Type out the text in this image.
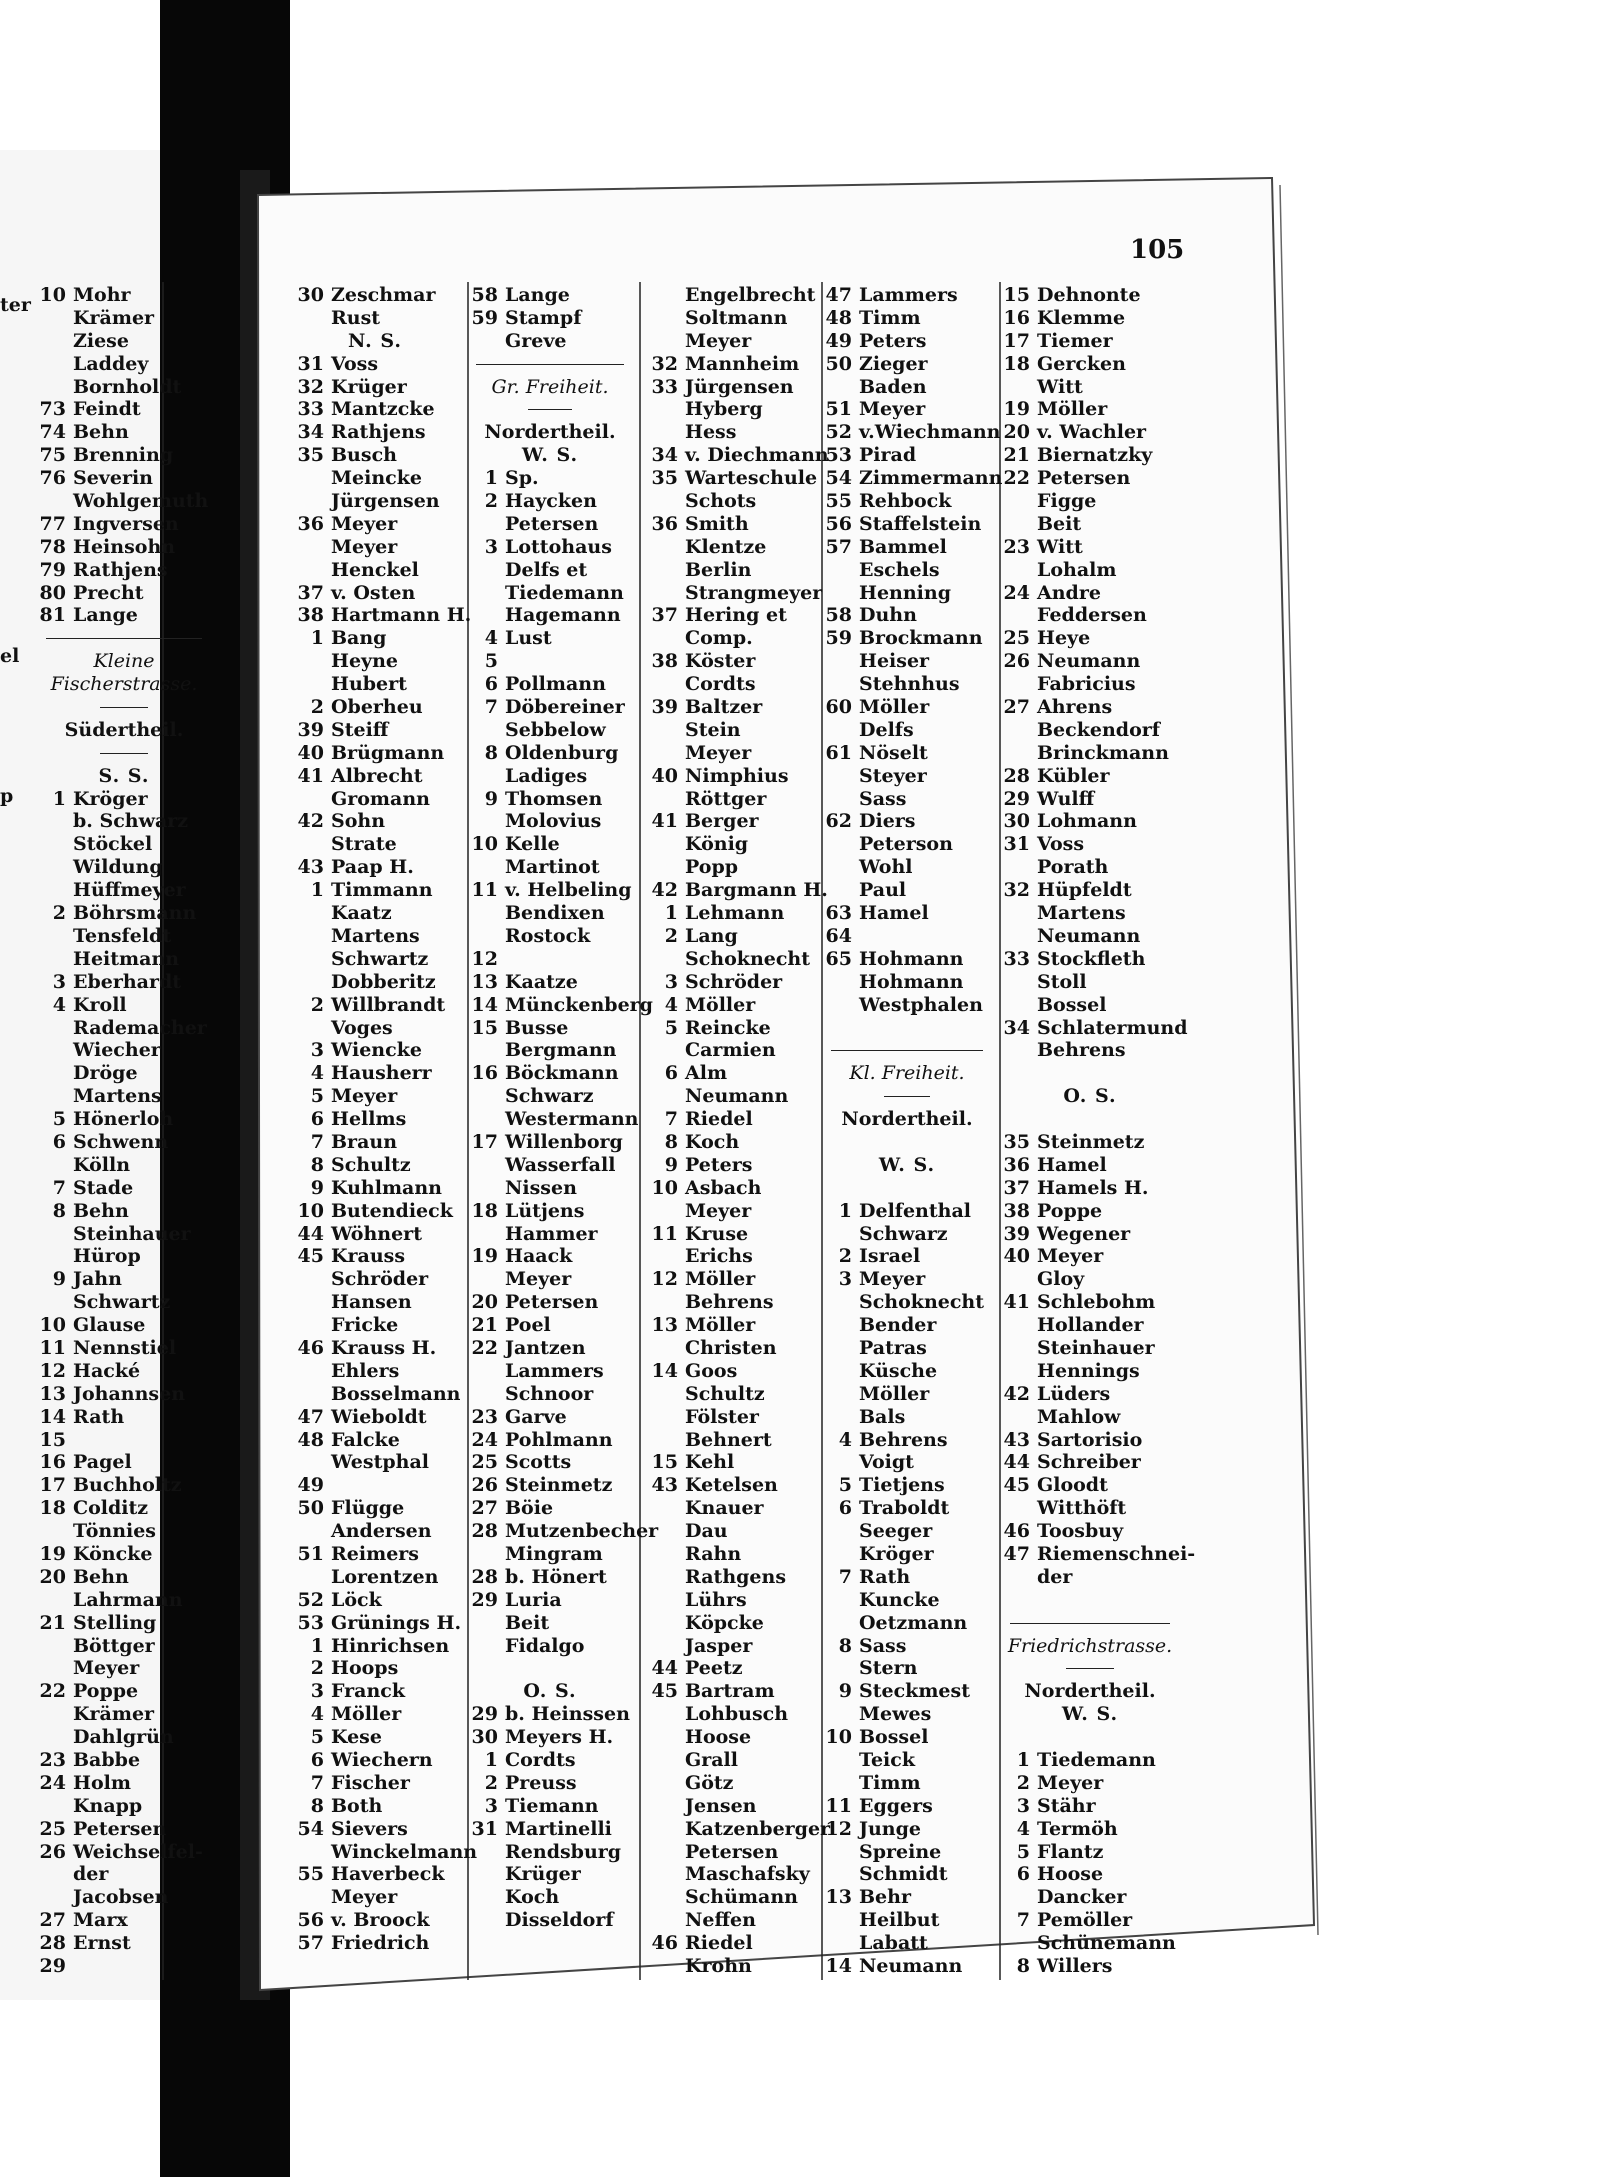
105
ter
el
p
10 Mohr
Krämer
Ziese
Laddey
Bornholdt
73 Feindt
74 Behn
75 Brenning
76 Severin
Wohlgemuth
77 Ingversen
78 Heinsohn
79 Rathjens
80 Precht
81 Lange
Kleine
Fischerstrasse.
Südertheil.
S. S.
1 Kröger
b. Schwarz
Stöckel
Wildung
Hüffmeyer
2 Böhrsmann
Tensfeldt
Heitmann
3 Eberhardt
4 Kroll
Rademacher
Wiecher
Dröge
Martens
5 Hönerloh
6 Schwenn
Kölln
7 Stade
8 Behn
Steinhauer
Hürop
9 Jahn
Schwartz
10 Glause
11 Nennstiel
12 Hacké
13 Johannsen
14 Rath
15
16 Pagel
17 Buchholtz
18 Colditz
Tönnies
19 Köncke
20 Behn
Lahrmann
21 Stelling
Böttger
Meyer
22 Poppe
Krämer
Dahlgrün
23 Babbe
24 Holm
Knapp
25 Petersen
26 Weichselfel-
der
Jacobsen
27 Marx
28 Ernst
29
30 Zeschmar
Rust
N. S.
31 Voss
32 Krüger
33 Mantzcke
34 Rathjens
35 Busch
Meincke
Jürgensen
36 Meyer
Meyer
Henckel
37 v. Osten
38 Hartmann H.
1 Bang
Heyne
Hubert
2 Oberheu
39 Steiff
40 Brügmann
41 Albrecht
Gromann
42 Sohn
Strate
43 Paap H.
1 Timmann
Kaatz
Martens
Schwartz
Dobberitz
2 Willbrandt
Voges
3 Wiencke
4 Hausherr
5 Meyer
6 Hellms
7 Braun
8 Schultz
9 Kuhlmann
10 Butendieck
44 Wöhnert
45 Krauss
Schröder
Hansen
Fricke
46 Krauss H.
Ehlers
Bosselmann
47 Wieboldt
48 Falcke
Westphal
49
50 Flügge
Andersen
51 Reimers
Lorentzen
52 Löck
53 Grünings H.
1 Hinrichsen
2 Hoops
3 Franck
4 Möller
5 Kese
6 Wiechern
7 Fischer
8 Both
54 Sievers
Winckelmann
55 Haverbeck
Meyer
56 v. Broock
57 Friedrich
58 Lange
59 Stampf
Greve
Gr. Freiheit.
Nordertheil.
W. S.
1 Sp.
2 Haycken
Petersen
3 Lottohaus
Delfs et
Tiedemann
Hagemann
4 Lust
5
6 Pollmann
7 Döbereiner
Sebbelow
8 Oldenburg
Ladiges
9 Thomsen
Molovius
10 Kelle
Martinot
11 v. Helbeling
Bendixen
Rostock
12
13 Kaatze
14 Münckenberg
15 Busse
Bergmann
16 Böckmann
Schwarz
Westermann
17 Willenborg
Wasserfall
Nissen
18 Lütjens
Hammer
19 Haack
Meyer
20 Petersen
21 Poel
22 Jantzen
Lammers
Schnoor
23 Garve
24 Pohlmann
25 Scotts
26 Steinmetz
27 Böie
28 Mutzenbecher
Mingram
28 b. Hönert
29 Luria
Beit
Fidalgo
O. S.
29 b. Heinssen
30 Meyers H.
1 Cordts
2 Preuss
3 Tiemann
31 Martinelli
Rendsburg
Krüger
Koch
Disseldorf
Engelbrecht
Soltmann
Meyer
32 Mannheim
33 Jürgensen
Hyberg
Hess
34 v. Diechmann
35 Warteschule
Schots
36 Smith
Klentze
Berlin
Strangmeyer
37 Hering et
Comp.
38 Köster
Cordts
39 Baltzer
Stein
Meyer
40 Nimphius
Röttger
41 Berger
König
Popp
42 Bargmann H.
1 Lehmann
2 Lang
Schoknecht
3 Schröder
4 Möller
5 Reincke
Carmien
6 Alm
Neumann
7 Riedel
8 Koch
9 Peters
10 Asbach
Meyer
11 Kruse
Erichs
12 Möller
Behrens
13 Möller
Christen
14 Goos
Schultz
Fölster
Behnert
15 Kehl
43 Ketelsen
Knauer
Dau
Rahn
Rathgens
Lührs
Köpcke
Jasper
44 Peetz
45 Bartram
Lohbusch
Hoose
Grall
Götz
Jensen
Katzenberger
Petersen
Maschafsky
Schümann
Neffen
46 Riedel
Krohn
47 Lammers
48 Timm
49 Peters
50 Zieger
Baden
51 Meyer
52 v.Wiechmann
53 Pirad
54 Zimmermann
55 Rehbock
56 Staffelstein
57 Bammel
Eschels
Henning
58 Duhn
59 Brockmann
Heiser
Stehnhus
60 Möller
Delfs
61 Nöselt
Steyer
Sass
62 Diers
Peterson
Wohl
Paul
63 Hamel
64
65 Hohmann
Hohmann
Westphalen
Kl. Freiheit.
Nordertheil.
W. S.
1 Delfenthal
Schwarz
2 Israel
3 Meyer
Schoknecht
Bender
Patras
Küsche
Möller
Bals
4 Behrens
Voigt
5 Tietjens
6 Traboldt
Seeger
Kröger
7 Rath
Kuncke
Oetzmann
8 Sass
Stern
9 Steckmest
Mewes
10 Bossel
Teick
Timm
11 Eggers
12 Junge
Spreine
Schmidt
13 Behr
Heilbut
Labatt
14 Neumann
15 Dehnonte
16 Klemme
17 Tiemer
18 Gercken
Witt
19 Möller
20 v. Wachler
21 Biernatzky
22 Petersen
Figge
Beit
23 Witt
Lohalm
24 Andre
Feddersen
25 Heye
26 Neumann
Fabricius
27 Ahrens
Beckendorf
Brinckmann
28 Kübler
29 Wulff
30 Lohmann
31 Voss
Porath
32 Hüpfeldt
Martens
Neumann
33 Stockfleth
Stoll
Bossel
34 Schlatermund
Behrens
O. S.
35 Steinmetz
36 Hamel
37 Hamels H.
38 Poppe
39 Wegener
40 Meyer
Gloy
41 Schlebohm
Hollander
Steinhauer
Hennings
42 Lüders
Mahlow
43 Sartorisio
44 Schreiber
45 Gloodt
Witthöft
46 Toosbuy
47 Riemenschnei-
der
Friedrichstrasse.
Nordertheil.
W. S.
1 Tiedemann
2 Meyer
3 Stähr
4 Termöh
5 Flantz
6 Hoose
Dancker
7 Pemöller
Schünemann
8 Willers
